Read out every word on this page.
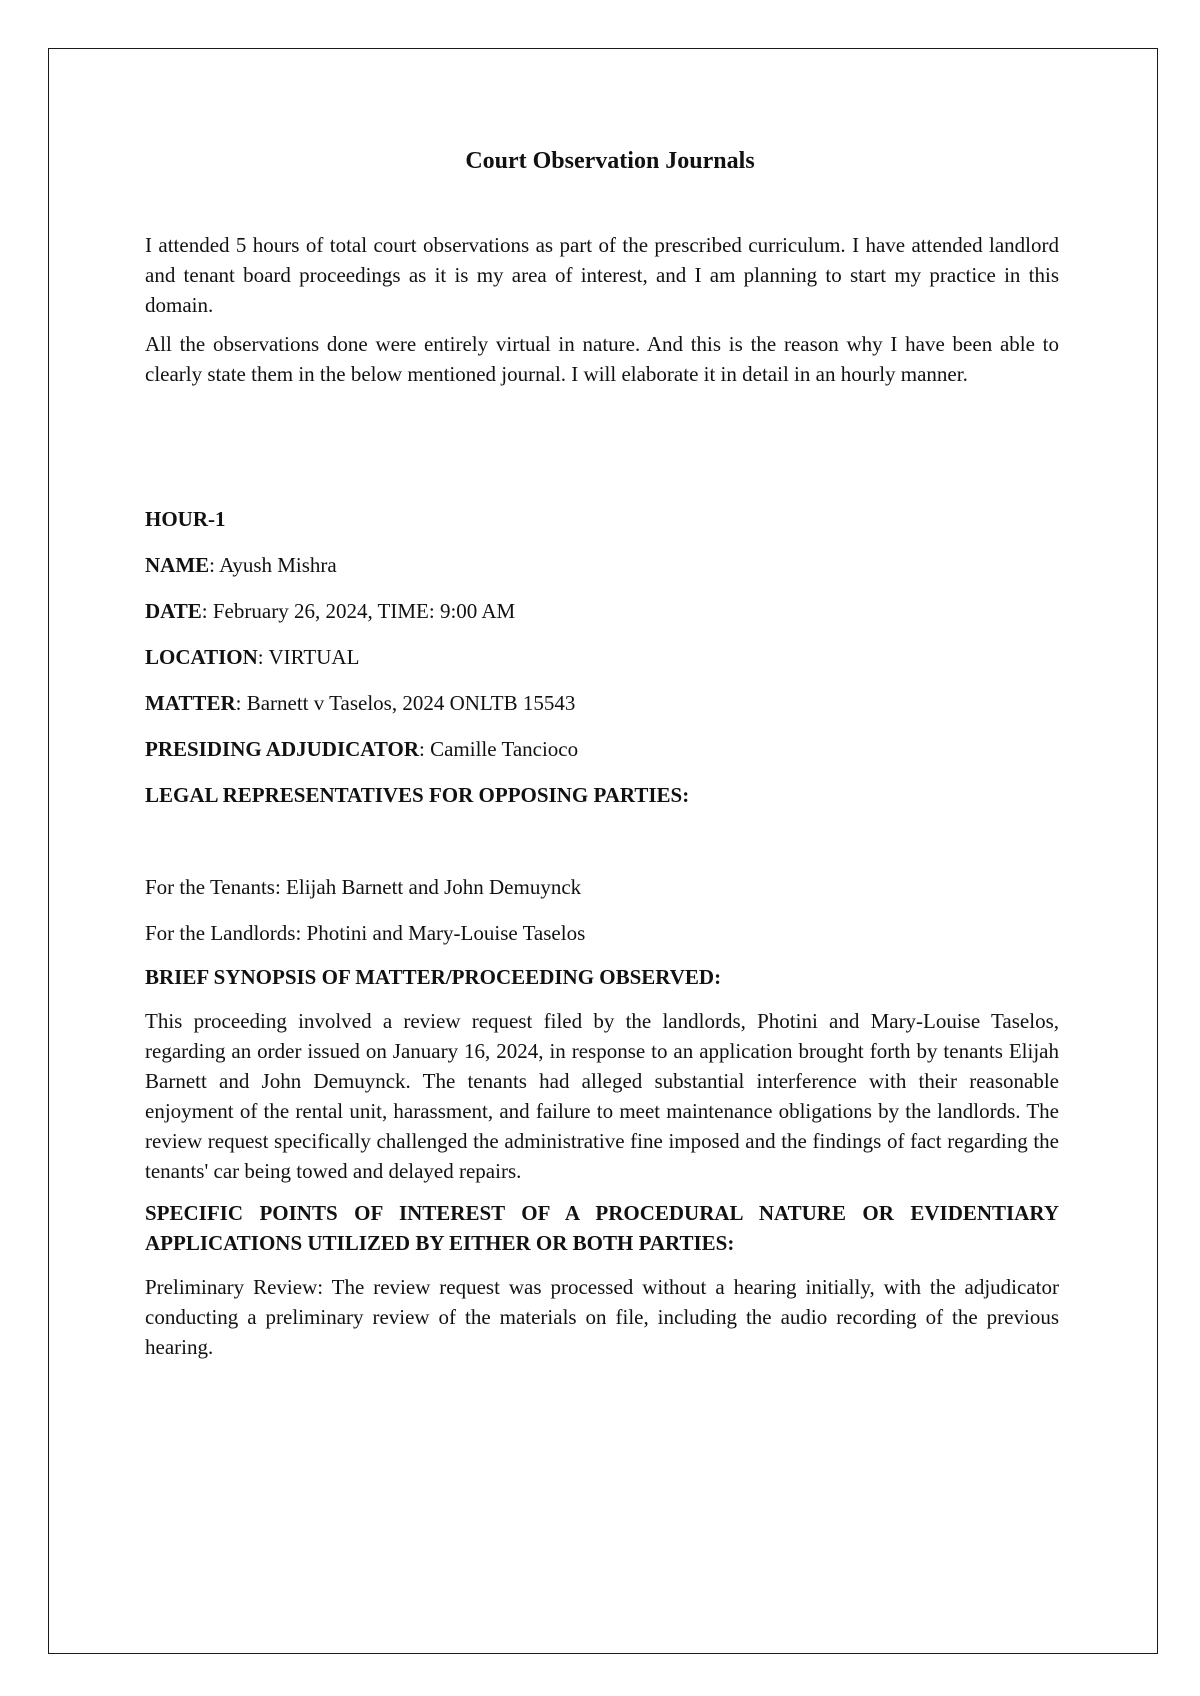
Court Observation Journals

I attended 5 hours of total court observations as part of the prescribed curriculum. I have attended landlord and tenant board proceedings as it is my area of interest, and I am planning to start my practice in this domain.

All the observations done were entirely virtual in nature. And this is the reason why I have been able to clearly state them in the below mentioned journal. I will elaborate it in detail in an hourly manner.

HOUR-1

NAME: Ayush Mishra

DATE: February 26, 2024, TIME: 9:00 AM

LOCATION: VIRTUAL

MATTER: Barnett v Taselos, 2024 ONLTB 15543

PRESIDING ADJUDICATOR: Camille Tancioco

LEGAL REPRESENTATIVES FOR OPPOSING PARTIES:

For the Tenants: Elijah Barnett and John Demuynck

For the Landlords: Photini and Mary-Louise Taselos

BRIEF SYNOPSIS OF MATTER/PROCEEDING OBSERVED:

This proceeding involved a review request filed by the landlords, Photini and Mary-Louise Taselos, regarding an order issued on January 16, 2024, in response to an application brought forth by tenants Elijah Barnett and John Demuynck. The tenants had alleged substantial interference with their reasonable enjoyment of the rental unit, harassment, and failure to meet maintenance obligations by the landlords. The review request specifically challenged the administrative fine imposed and the findings of fact regarding the tenants' car being towed and delayed repairs.

SPECIFIC POINTS OF INTEREST OF A PROCEDURAL NATURE OR EVIDENTIARY APPLICATIONS UTILIZED BY EITHER OR BOTH PARTIES:

Preliminary Review: The review request was processed without a hearing initially, with the adjudicator conducting a preliminary review of the materials on file, including the audio recording of the previous hearing.
